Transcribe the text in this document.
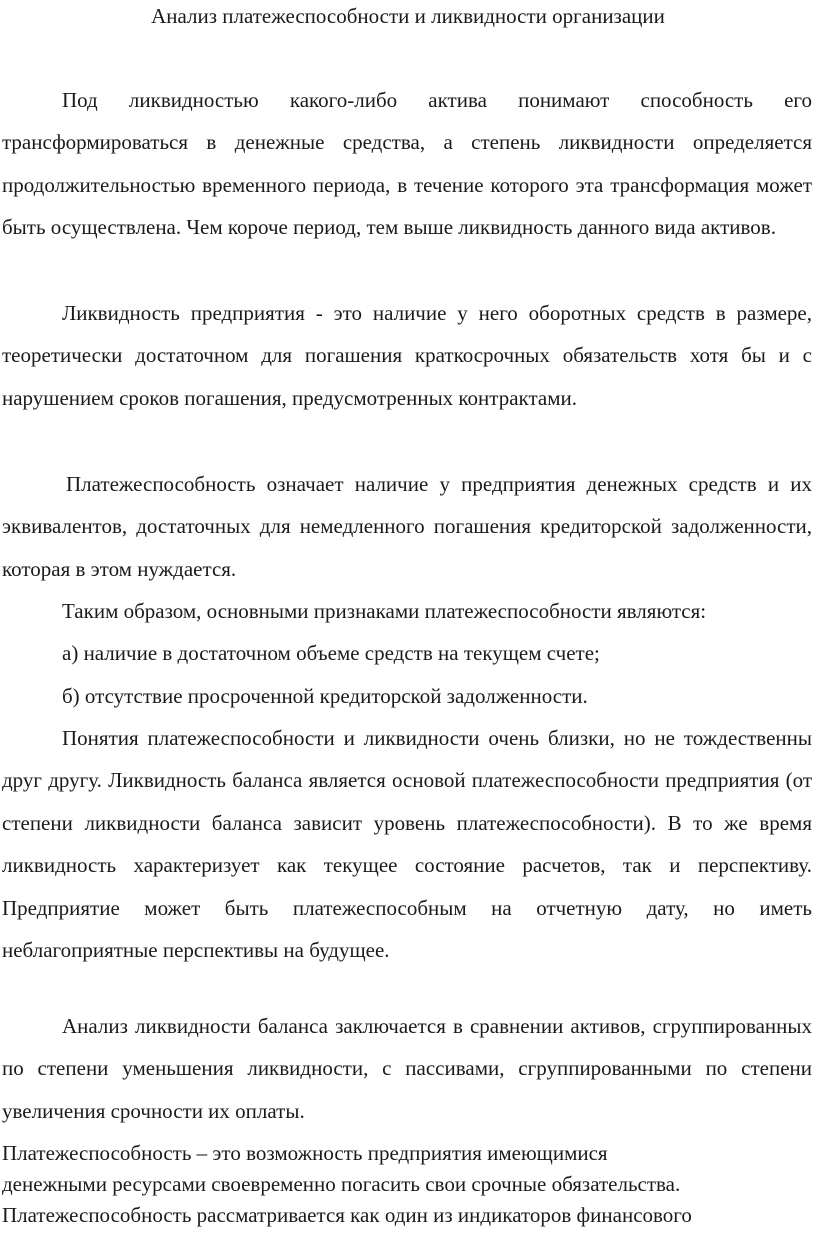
Анализ платежеспособности и ликвидности организации

Под ликвидностью какого-либо актива понимают способность его трансформироваться в денежные средства, а степень ликвидности определяется продолжительностью временного периода, в течение которого эта трансформация может быть осуществлена. Чем короче период, тем выше ликвидность данного вида активов.

Ликвидность предприятия - это наличие у него оборотных средств в размере, теоретически достаточном для погашения краткосрочных обязательств хотя бы и с нарушением сроков погашения, предусмотренных контрактами.

Платежеспособность означает наличие у предприятия денежных средств и их эквивалентов, достаточных для немедленного погашения кредиторской задолженности, которая в этом нуждается.

Таким образом, основными признаками платежеспособности являются:

а) наличие в достаточном объеме средств на текущем счете;

б) отсутствие просроченной кредиторской задолженности.

Понятия платежеспособности и ликвидности очень близки, но не тождественны друг другу. Ликвидность баланса является основой платежеспособности предприятия (от степени ликвидности баланса зависит уровень платежеспособности). В то же время ликвидность характеризует как текущее состояние расчетов, так и перспективу. Предприятие может быть платежеспособным на отчетную дату, но иметь неблагоприятные перспективы на будущее.

Анализ ликвидности баланса заключается в сравнении активов, сгруппированных по степени уменьшения ликвидности, с пассивами, сгруппированными по степени увеличения срочности их оплаты.

Платежеспособность – это возможность предприятия имеющимися
денежными ресурсами своевременно погасить свои срочные обязательства.
Платежеспособность рассматривается как один из индикаторов финансового
